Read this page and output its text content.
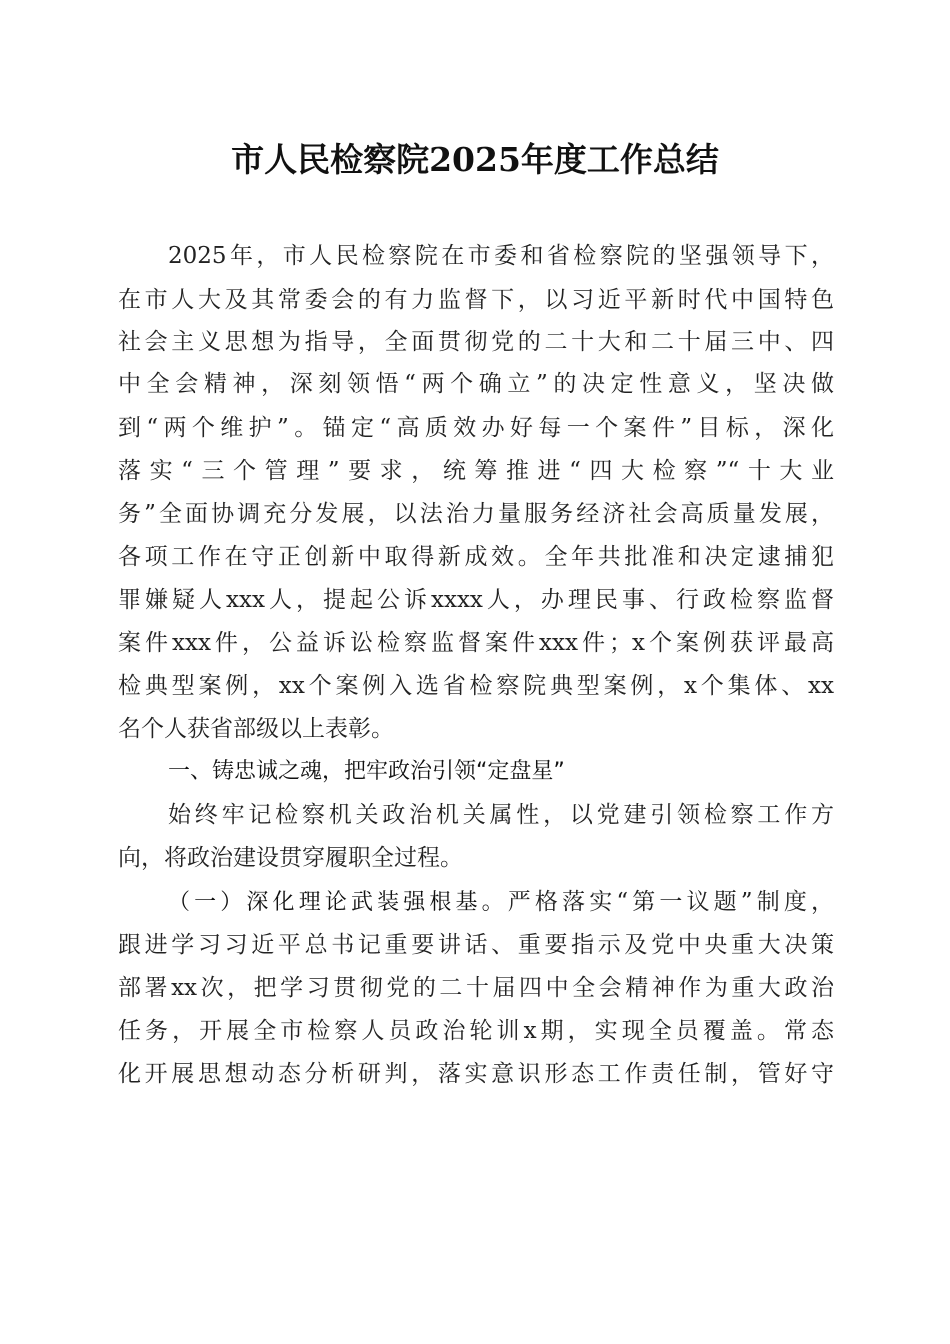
市人民检察院2025年度工作总结

2025年，市人民检察院在市委和省检察院的坚强领导下，

在市人大及其常委会的有力监督下，以习近平新时代中国特色

社会主义思想为指导，全面贯彻党的二十大和二十届三中、四

中全会精神，深刻领悟“两个确立”的决定性意义，坚决做

到“两个维护”。锚定“高质效办好每一个案件”目标，深化

落实“三个管理”要求，统筹推进“四大检察”“十大业

务”全面协调充分发展，以法治力量服务经济社会高质量发展，

各项工作在守正创新中取得新成效。全年共批准和决定逮捕犯

罪嫌疑人xxx人，提起公诉xxxx人，办理民事、行政检察监督

案件xxx件，公益诉讼检察监督案件xxx件；x个案例获评最高

检典型案例，xx个案例入选省检察院典型案例，x个集体、xx

名个人获省部级以上表彰。

一、铸忠诚之魂，把牢政治引领“定盘星”

始终牢记检察机关政治机关属性，以党建引领检察工作方

向，将政治建设贯穿履职全过程。

（一）深化理论武装强根基。严格落实“第一议题”制度，

跟进学习习近平总书记重要讲话、重要指示及党中央重大决策

部署xx次，把学习贯彻党的二十届四中全会精神作为重大政治

任务，开展全市检察人员政治轮训x期，实现全员覆盖。常态

化开展思想动态分析研判，落实意识形态工作责任制，管好守
